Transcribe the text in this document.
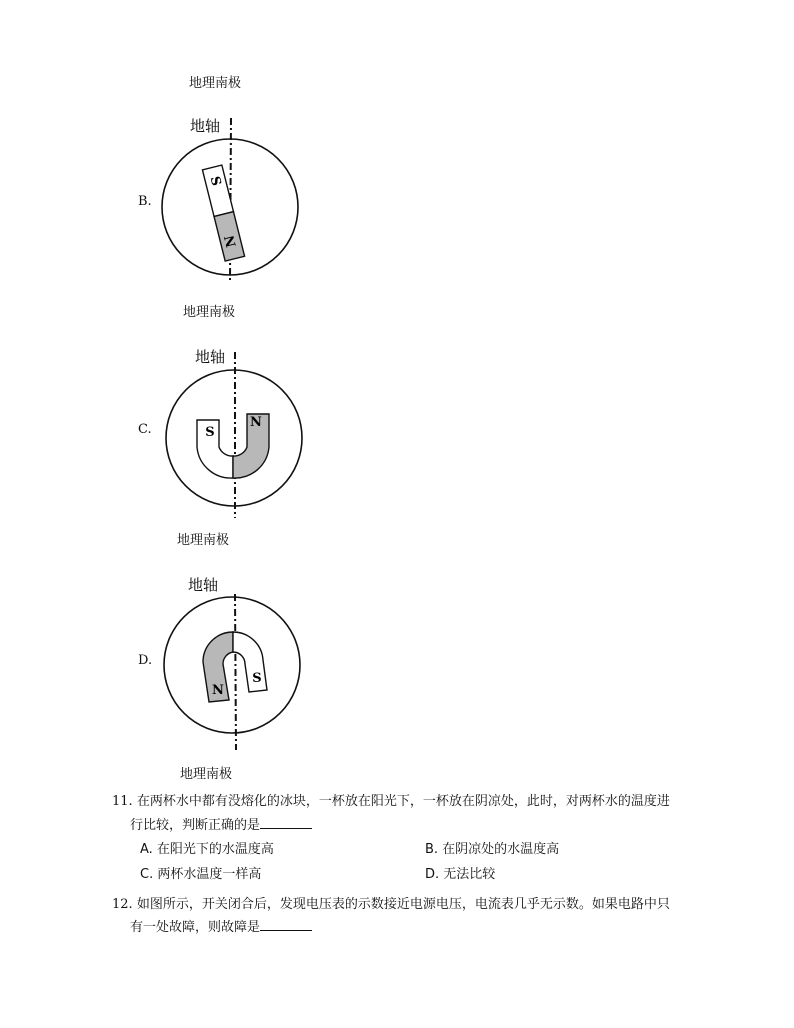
地理南极
B.
地轴
S
N
地理南极
C.
地轴
S
N
地理南极
D.
地轴
N
S
地理南极
11. 在两杯水中都有没熔化的冰块，一杯放在阳光下，一杯放在阴凉处，此时，对两杯水的温度进
行比较，判断正确的是
A. 在阳光下的水温度高	B. 在阴凉处的水温度高
C. 两杯水温度一样高	D. 无法比较
12. 如图所示，开关闭合后，发现电压表的示数接近电源电压，电流表几乎无示数。如果电路中只
有一处故障，则故障是
